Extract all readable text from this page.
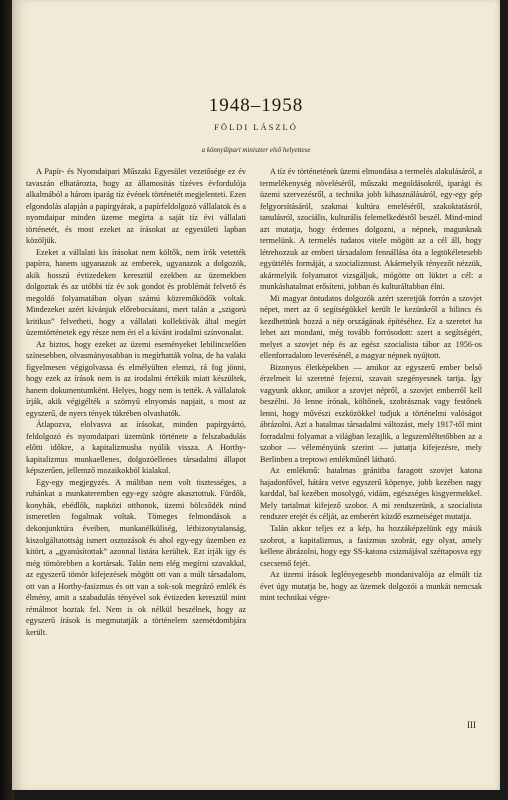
1948–1958
FÖLDI LÁSZLÓ
a könnyűipari miniszter első helyettese

A Papír- és Nyomdaipari Műszaki Egyesület vezetősége ez év tavaszán elhatározta, hogy az államosítás tízéves évfordulója alkalmából a három iparág tíz évének történetét megjelenteti. Ezen elgondolás alapján a papírgyárak, a papírfeldolgozó vállalatok és a nyomdaipar minden üzeme megírta a saját tíz évi vállalati történetét, és most ezeket az írásokat az egyesületi lapban közöljük.

Ezeket a vállalati kis írásokat nem költők, nem írók vetették papírra, hanem ugyanazok az emberek, ugyanazok a dolgozók, akik hosszú évtizedeken keresztül ezekben az üzemekben dolgoztak és az utóbbi tíz év sok gondot és problémát felvető és megoldó folyamatában olyan számú közreműködők voltak. Mindezeket azért kívánjuk előrebocsátani, mert talán a „szigorú kritikus” felvetheti, hogy a vállalati kollektívák által megírt üzemtörténetek egy része nem éri el a kívánt irodalmi színvonalat.

Az biztos, hogy ezeket az üzemi eseményeket lebilincselően színesebben, olvasmányosabban is megírhatták volna, de ha valaki figyelmesen végigolvassa és elmélyülten elemzi, rá fog jönni, hogy ezek az írások nem is az irodalmi értékük miatt készültek, hanem dokumentumként. Helyes, hogy nem is tették. A vállalatok írják, akik végigélték a szörnyű elnyomás napjait, s most az egyszerű, de nyers tények tükrében olvashatók.

Átlapozva, elolvasva az írásokat, minden papírgyártó, feldolgozó és nyomdaipari üzemünk története a felszabadulás előtti időkre, a kapitalizmusba nyúlik vissza. A Horthy-kapitalizmus munkaellenes, dolgozóellenes társadalmi állapot képszerűen, jellemző mozaikokból kialakul.

Egy-egy megjegyzés. A múltban nem volt tisztességes, a ruhánkat a munkateremben egy-egy szögre akasztottuk. Fürdők, konyhák, ebédlők, napközi otthonok, üzemi bölcsődék mind ismeretlen fogalmak voltak. Tömeges felmondások a dekonjunktúra éveiben, munkanélküliség, létbizonytalanság, kiszolgáltatottság ismert osztozások és ahol egy-egy üzemben ez kitört, a „gyanúsítottak” azonnal listára kerültek. Ezt írják így és még tömörebben a kortársak. Talán nem elég megírni szavakkal, az egyszerű tömör kifejezések mögött ott van a múlt társadalom, ott van a Horthy-fasizmus és ott van a sok-sok megrázó emlék és élmény, amit a szabadulás tényével sok évtizeden keresztül mint rémálmot hoztak fel. Nem is ok nélkül beszélnek, hogy az egyszerű írások is megmutatják a történelem szemétdombjára került.

A tíz év történetének üzemi elmondása a termelés alakulásáról, a termelékenység növeléséről, műszaki megoldásokról, iparági és üzemi szervezésről, a technika jobb kihasználásáról, egy-egy gép felgyorsításáról, szakmai kultúra emeléséről, szakoktatásról, tanulásról, szociális, kulturális felemelkedéstől beszél. Mind-mind azt mutatja, hogy érdemes dolgozni, a népnek, magunknak termelünk. A termelés tudatos vitele mögött az a cél áll, hogy létrehozzuk az emberi társadalom fennállása óta a legtökéletesebb együttélés formáját, a szocializmust. Akármelyik tényezőt nézzük, akármelyik folyamatot vizsgáljuk, mögötte ott lüktet a cél: a munkáshatalmat erősíteni, jobban és kulturáltabban élni.

Mi magyar öntudatos dolgozók azért szeretjük forrón a szovjet népet, mert az ő segítségükkel került le kezünkről a bilincs és kezdhettünk hozzá a nép országának építéséhez. Ez a szeretet ha lehet azt mondani, még tovább forrósodott: szert a segítségért, melyet a szovjet nép és az egész szocialista tábor az 1956-os ellenforradalom leverésénél, a magyar népnek nyújtott.

Bizonyos életképekben — amikor az egyszerű ember belső érzelmeit ki szeretné fejezni, szavait szegényesnek tartja. Így vagyunk akkor, amikor a szovjet népről, a szovjet emberről kell beszélni. Jó lenne írónak, költőnek, szobrásznak vagy festőnek lenni, hogy művészi eszközökkel tudjuk a történelmi valóságot ábrázolni. Azt a hatalmas társadalmi változást, mely 1917-től mint forradalmi folyamat a világban lezajlik, a legszemléltetőbben az a szobor — véleményünk szerint — juttatja kifejezésre, mely Berlinben a treptowi emlékműnél látható.

Az emlékmű: hatalmas gránitba faragott szovjet katona hajadonfővel, hátára vetve egyszerű köpenye, jobb kezében nagy karddal, bal kezében mosolygó, vidám, egészséges kisgyermekkel. Mely tartalmat kifejező szobor. A mi rendszerünk, a szocialista rendszer erejét és célját, az emberért küzdő eszmeiséget mutatja.

Talán akkor teljes ez a kép, ha hozzáképzelünk egy másik szobrot, a kapitalizmus, a fasizmus szobrát, egy olyat, amely kellene ábrázolni, hogy egy SS-katona csizmájával széttaposva egy csecsemő fejét.

Az üzemi írások leglényegesebb mondanivalója az elmúlt tíz évet úgy mutatja be, hogy az üzemek dolgozói a munkát nemcsak mint technikai végre-

III
